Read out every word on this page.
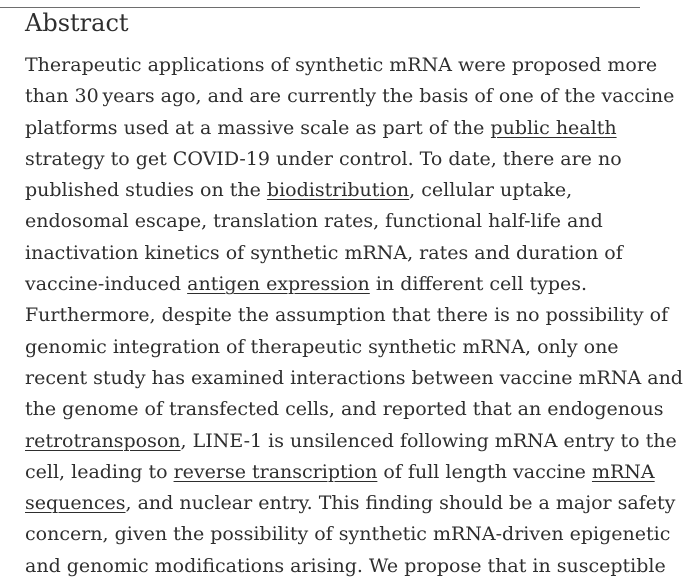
Abstract

Therapeutic applications of synthetic mRNA were proposed more
than 30 years ago, and are currently the basis of one of the vaccine
platforms used at a massive scale as part of the public health
strategy to get COVID-19 under control. To date, there are no
published studies on the biodistribution, cellular uptake,
endosomal escape, translation rates, functional half-life and
inactivation kinetics of synthetic mRNA, rates and duration of
vaccine-induced antigen expression in different cell types.
Furthermore, despite the assumption that there is no possibility of
genomic integration of therapeutic synthetic mRNA, only one
recent study has examined interactions between vaccine mRNA and
the genome of transfected cells, and reported that an endogenous
retrotransposon, LINE-1 is unsilenced following mRNA entry to the
cell, leading to reverse transcription of full length vaccine mRNA
sequences, and nuclear entry. This finding should be a major safety
concern, given the possibility of synthetic mRNA-driven epigenetic
and genomic modifications arising. We propose that in susceptible
